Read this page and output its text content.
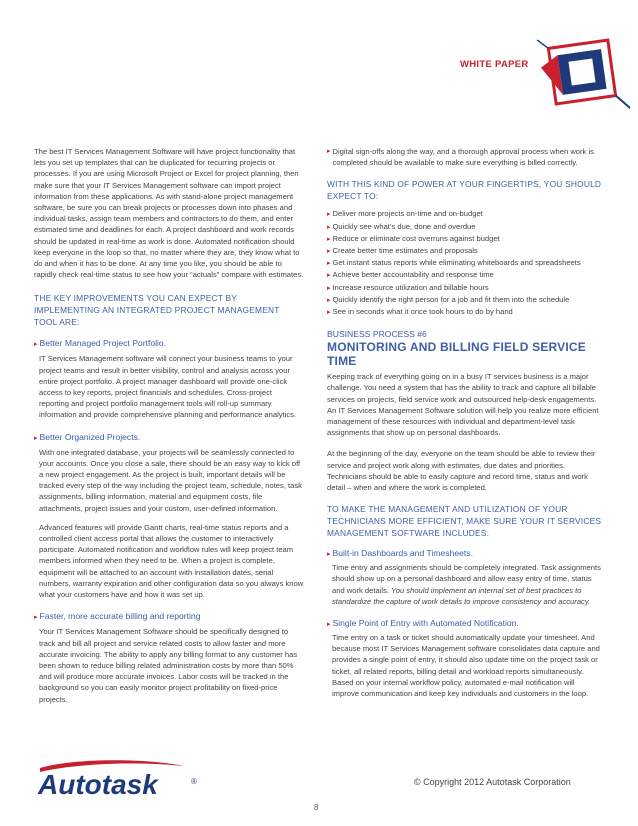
WHITE PAPER

The best IT Services Management Software will have project functionality that lets you set up templates that can be duplicated for recurring projects or processes. If you are using Microsoft Project or Excel for project planning, then make sure that your IT Services Management software can import project information from these applications. As with stand-alone project management software, be sure you can break projects or processes down into phases and individual tasks, assign team members and contractors to do them, and enter estimated time and deadlines for each. A project dashboard and work records should be updated in real-time as work is done. Automated notification should keep everyone in the loop so that, no matter where they are, they know what to do and when it has to be done. At any time you like, you should be able to rapidly check real-time status to see how your “actuals” compare with estimates.

THE KEY IMPROVEMENTS YOU CAN EXPECT BY IMPLEMENTING AN INTEGRATED PROJECT MANAGEMENT TOOL ARE:

▸ Better Managed Project Portfolio.

IT Services Management software will connect your business teams to your project teams and result in better visibility, control and analysis across your entire project portfolio. A project manager dashboard will provide one-click access to key reports, project financials and schedules. Cross-project reporting and project portfolio management tools will roll-up summary information and provide comprehensive planning and performance analytics.

▸ Better Organized Projects.

With one integrated database, your projects will be seamlessly connected to your accounts. Once you close a sale, there should be an easy way to kick off a new project engagement. As the project is built, important details will be tracked every step of the way including the project team, schedule, notes, task assignments, billing information, material and equipment costs, file attachments, project issues and your custom, user-defined information.

Advanced features will provide Gantt charts, real-time status reports and a controlled client access portal that allows the customer to interactively participate. Automated notification and workflow rules will keep project team members informed when they need to be. When a project is complete, equipment will be attached to an account with installation dates, serial numbers, warranty expiration and other configuration data so you always know what your customers have and how it was set up.

▸ Faster, more accurate billing and reporting

Your IT Services Management Software should be specifically designed to track and bill all project and service related costs to allow faster and more accurate invoicing. The ability to apply any billing format to any customer has been shown to reduce billing related administration costs by more than 50% and will produce more accurate invoices. Labor costs will be tracked in the background so you can easily monitor project profitability on fixed-price projects.

▸ Digital sign-offs along the way, and a thorough approval process when work is completed should be available to make sure everything is billed correctly.

WITH THIS KIND OF POWER AT YOUR FINGERTIPS, YOU SHOULD EXPECT TO:

▸ Deliver more projects on-time and on-budget
▸ Quickly see what’s due, done and overdue
▸ Reduce or eliminate cost overruns against budget
▸ Create better time estimates and proposals
▸ Get instant status reports while eliminating whiteboards and spreadsheets
▸ Achieve better accountability and response time
▸ Increase resource utilization and billable hours
▸ Quickly identify the right person for a job and fit them into the schedule
▸ See in seconds what it once took hours to do by hand
BUSINESS PROCESS #6
MONITORING AND BILLING FIELD SERVICE TIME

Keeping track of everything going on in a busy IT services business is a major challenge. You need a system that has the ability to track and capture all billable services on projects, field service work and outsourced help-desk engagements. An IT Services Management Software solution will help you realize more efficient management of these resources with individual and department-level task assignments that show up on personal dashboards.

At the beginning of the day, everyone on the team should be able to review their service and project work along with estimates, due dates and priorities. Technicians should be able to easily capture and record time, status and work detail – when and where the work is completed.

TO MAKE THE MANAGEMENT AND UTILIZATION OF YOUR TECHNICIANS MORE EFFICIENT, MAKE SURE YOUR IT SERVICES MANAGEMENT SOFTWARE INCLUDES:

▸ Built-in Dashboards and Timesheets.

Time entry and assignments should be completely integrated. Task assignments should show up on a personal dashboard and allow easy entry of time, status and work details. You should implement an internal set of best practices to standardize the capture of work details to improve consistency and accuracy.

▸ Single Point of Entry with Automated Notification.

Time entry on a task or ticket should automatically update your timesheet. And because most IT Services Management software consolidates data capture and provides a single point of entry, it should also update time on the project task or ticket, all related reports, billing detail and workload reports simultaneously. Based on your internal workflow policy, automated e-mail notification will improve communication and keep key individuals and customers in the loop.

Autotask	®	© Copyright 2012 Autotask Corporation
8
